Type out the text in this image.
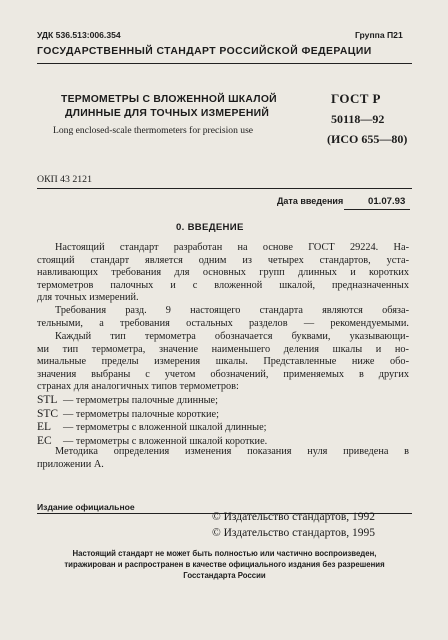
УДК 536.513:006.354	Группа П21
ГОСУДАРСТВЕННЫЙ СТАНДАРТ РОССИЙСКОЙ ФЕДЕРАЦИИ
ТЕРМОМЕТРЫ С ВЛОЖЕННОЙ ШКАЛОЙ
ДЛИННЫЕ ДЛЯ ТОЧНЫХ ИЗМЕРЕНИЙ
Long enclosed-scale thermometers for precision use
ГОСТ Р
50118—92
(ИСО 655—80)
ОКП 43 2121
Дата введения	01.07.93
0. ВВЕДЕНИЕ
Настоящий стандарт разработан на основе ГОСТ 29224. На-
стоящий стандарт является одним из четырех стандартов, уста-
навливающих требования для основных групп длинных и коротких
термометров палочных и с вложенной шкалой, предназначенных
для точных измерений.
Требования разд. 9 настоящего стандарта являются обяза-
тельными, а требования остальных разделов — рекомендуемыми.
Каждый тип термометра обозначается буквами, указывающи-
ми тип термометра, значение наименьшего деления шкалы и но-
минальные пределы измерения шкалы. Представленные ниже обо-
значения выбраны с учетом обозначений, применяемых в других
странах для аналогичных типов термометров:
STL — термометры палочные длинные;
STC — термометры палочные короткие;
EL — термометры с вложенной шкалой длинные;
EC — термометры с вложенной шкалой короткие.
Методика определения изменения показания нуля приведена в
приложении А.
Издание официальное
© Издательство стандартов, 1992
© Издательство стандартов, 1995
Настоящий стандарт не может быть полностью или частично воспроизведен,
тиражирован и распространен в качестве официального издания без разрешения
Госстандарта России
